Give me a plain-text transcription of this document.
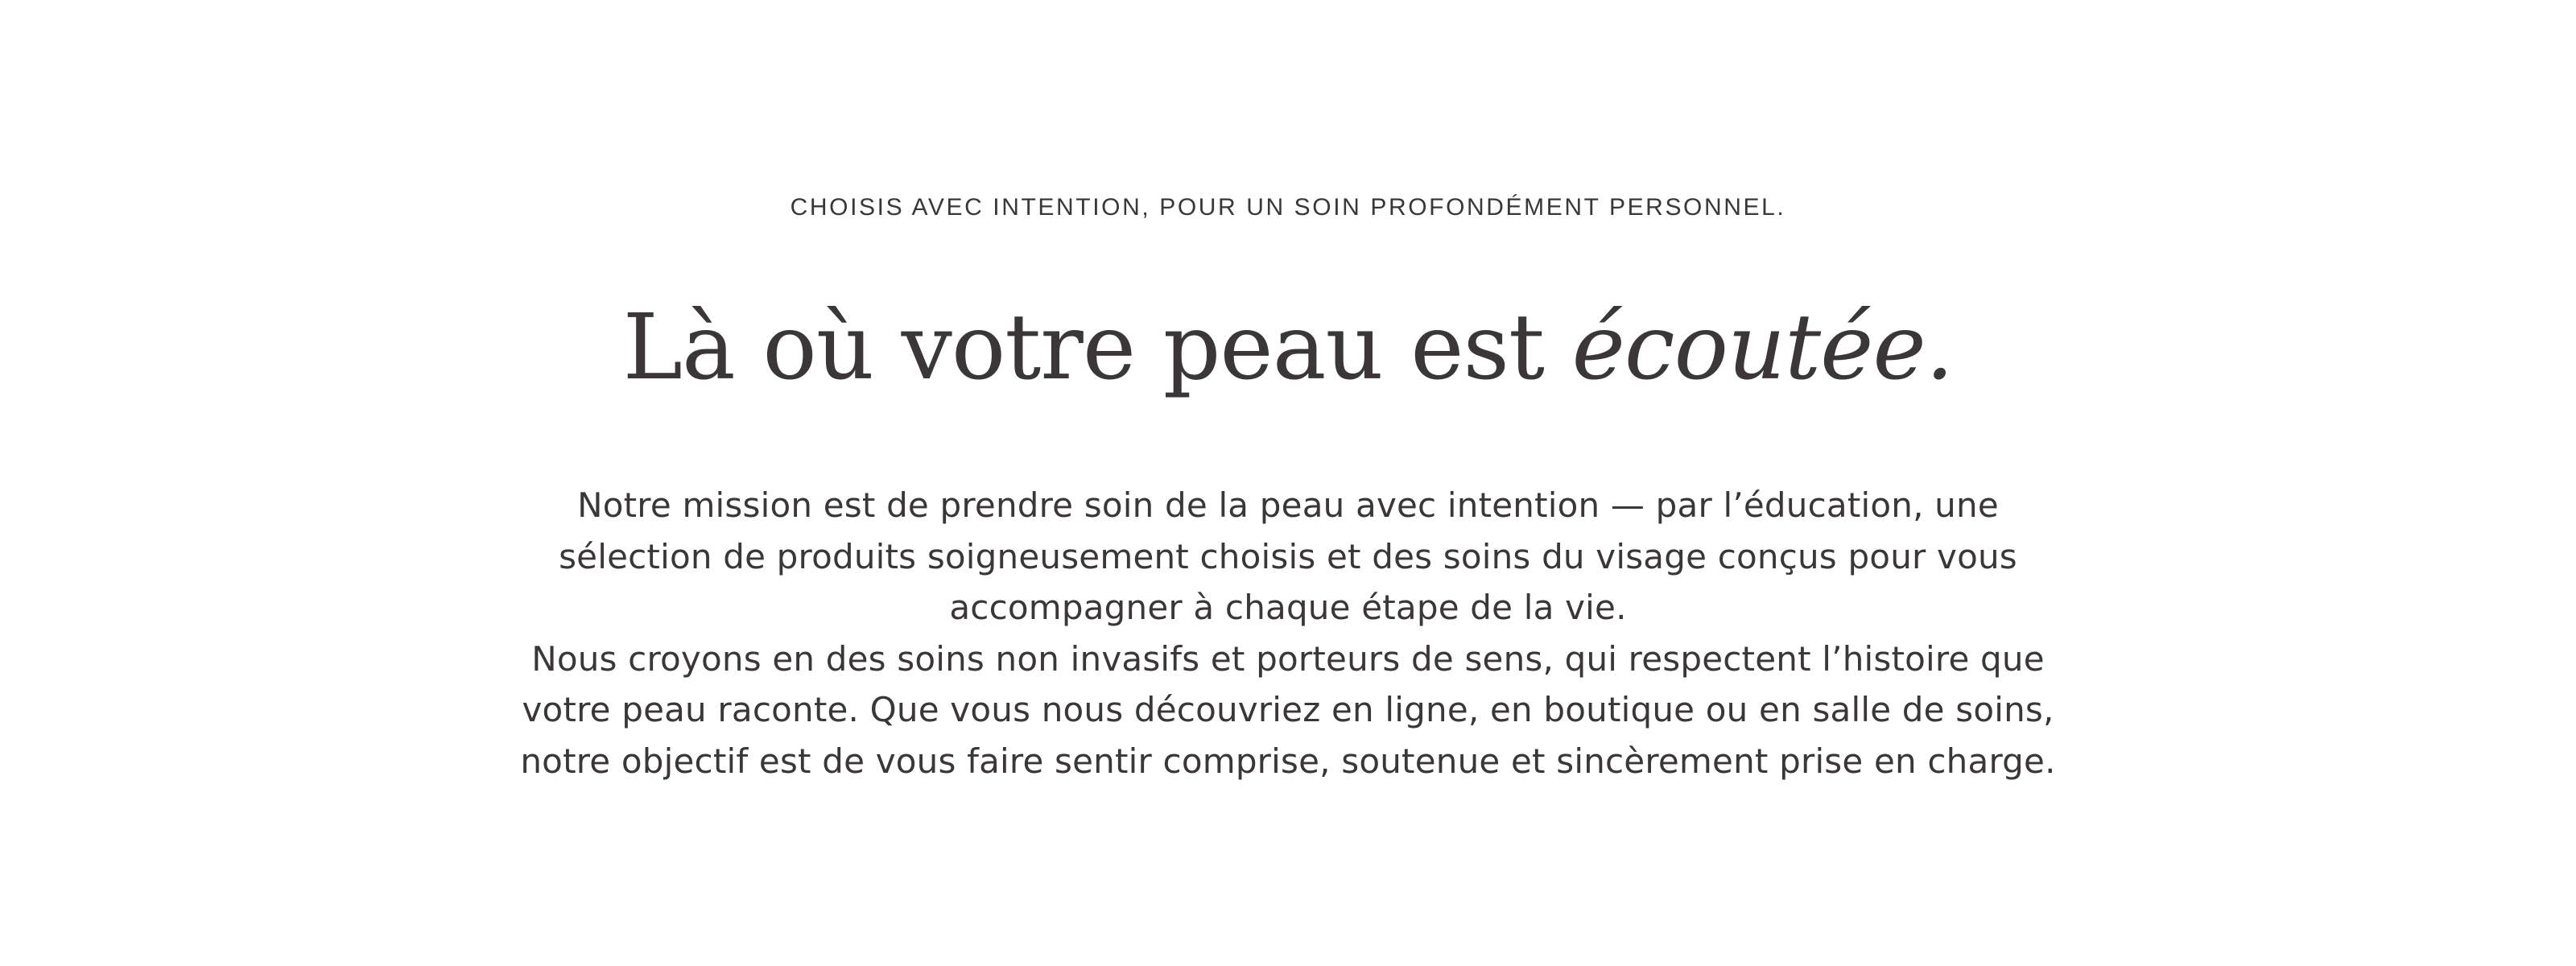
CHOISIS AVEC INTENTION, POUR UN SOIN PROFONDÉMENT PERSONNEL.
Là où votre peau est écoutée.

Notre mission est de prendre soin de la peau avec intention — par l’éducation, une sélection de produits soigneusement choisis et des soins du visage conçus pour vous accompagner à chaque étape de la vie.

Nous croyons en des soins non invasifs et porteurs de sens, qui respectent l’histoire que votre peau raconte. Que vous nous découvriez en ligne, en boutique ou en salle de soins, notre objectif est de vous faire sentir comprise, soutenue et sincèrement prise en charge.
